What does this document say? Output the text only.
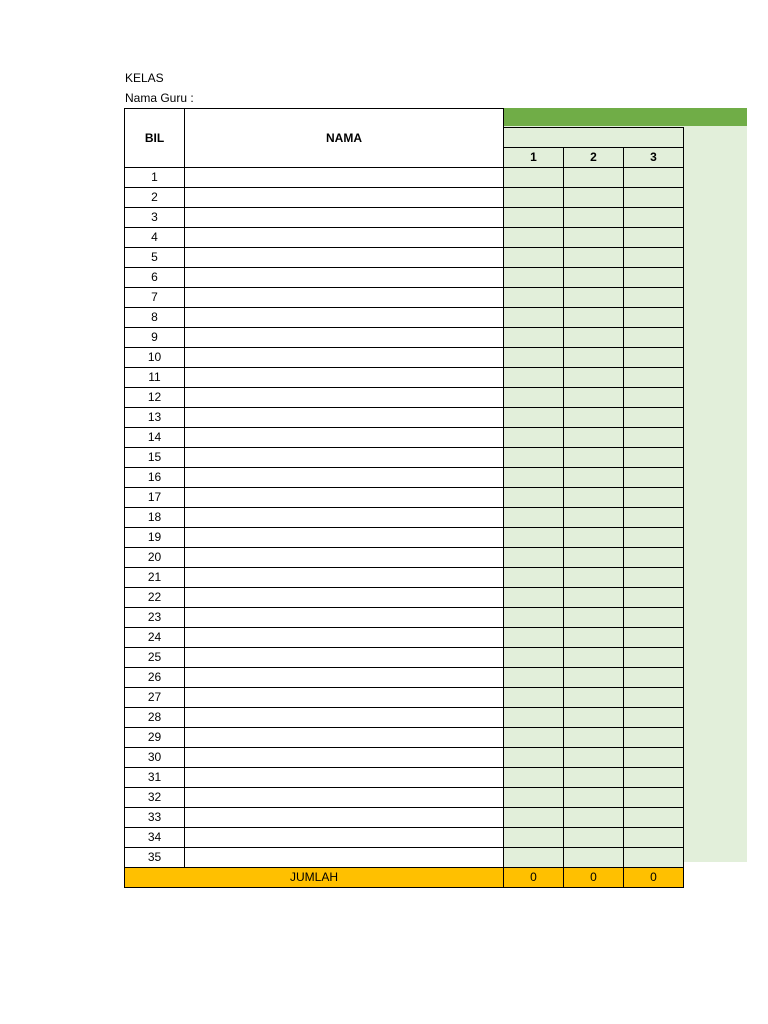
KELAS
Nama Guru :
BIL	NAMA			

		1	2	3
1				
2				
3				
4				
5				
6				
7				
8				
9				
10				
11				
12				
13				
14				
15				
16				
17				
18				
19				
20				
21				
22				
23				
24				
25				
26				
27				
28				
29				
30				
31				
32				
33				
34				
35				
JUMLAH		0	0	0
